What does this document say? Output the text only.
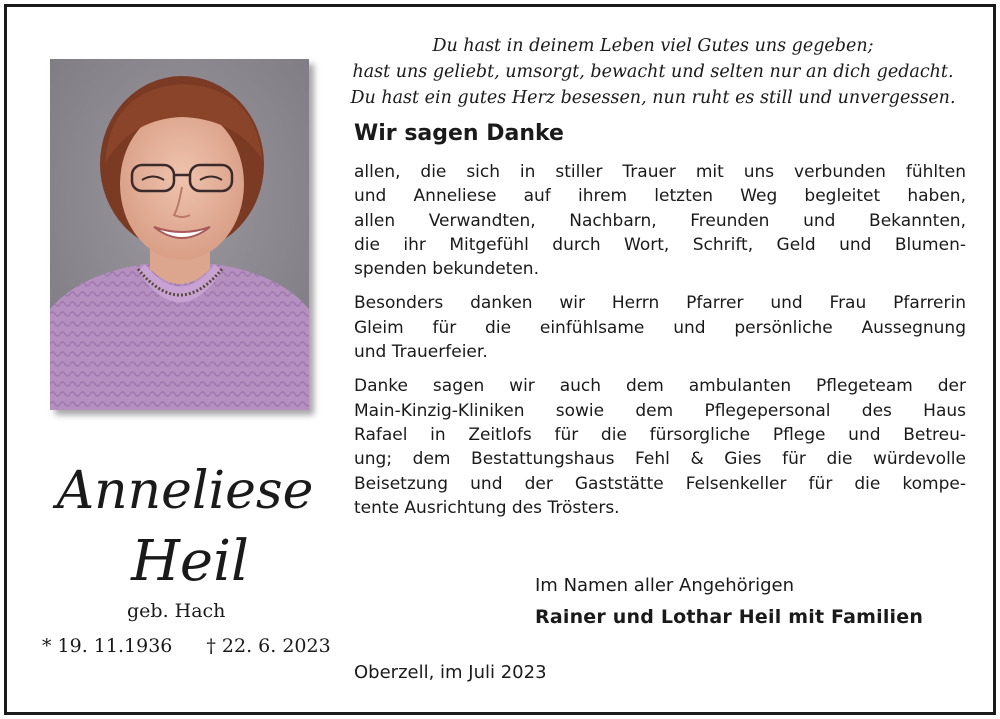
Du hast in deinem Leben viel Gutes uns gegeben;
hast uns geliebt, umsorgt, bewacht und selten nur an dich gedacht.
Du hast ein gutes Herz besessen, nun ruht es still und unvergessen.
Wir sagen Danke
allen, die sich in stiller Trauer mit uns verbunden fühlten
und Anneliese auf ihrem letzten Weg begleitet haben,
allen Verwandten, Nachbarn, Freunden und Bekannten,
die ihr Mitgefühl durch Wort, Schrift, Geld und Blumen-
spenden bekundeten.
Besonders danken wir Herrn Pfarrer und Frau Pfarrerin
Gleim für die einfühlsame und persönliche Aussegnung
und Trauerfeier.
Danke sagen wir auch dem ambulanten Pflegeteam der
Main-Kinzig-Kliniken sowie dem Pflegepersonal des Haus
Rafael in Zeitlofs für die fürsorgliche Pflege und Betreu-
ung; dem Bestattungshaus Fehl & Gies für die würdevolle
Beisetzung und der Gaststätte Felsenkeller für die kompe-
tente Ausrichtung des Trösters.
Anneliese
Heil
geb. Hach
* 19. 11.1936 † 22. 6. 2023
Im Namen aller Angehörigen
Rainer und Lothar Heil mit Familien
Oberzell, im Juli 2023
